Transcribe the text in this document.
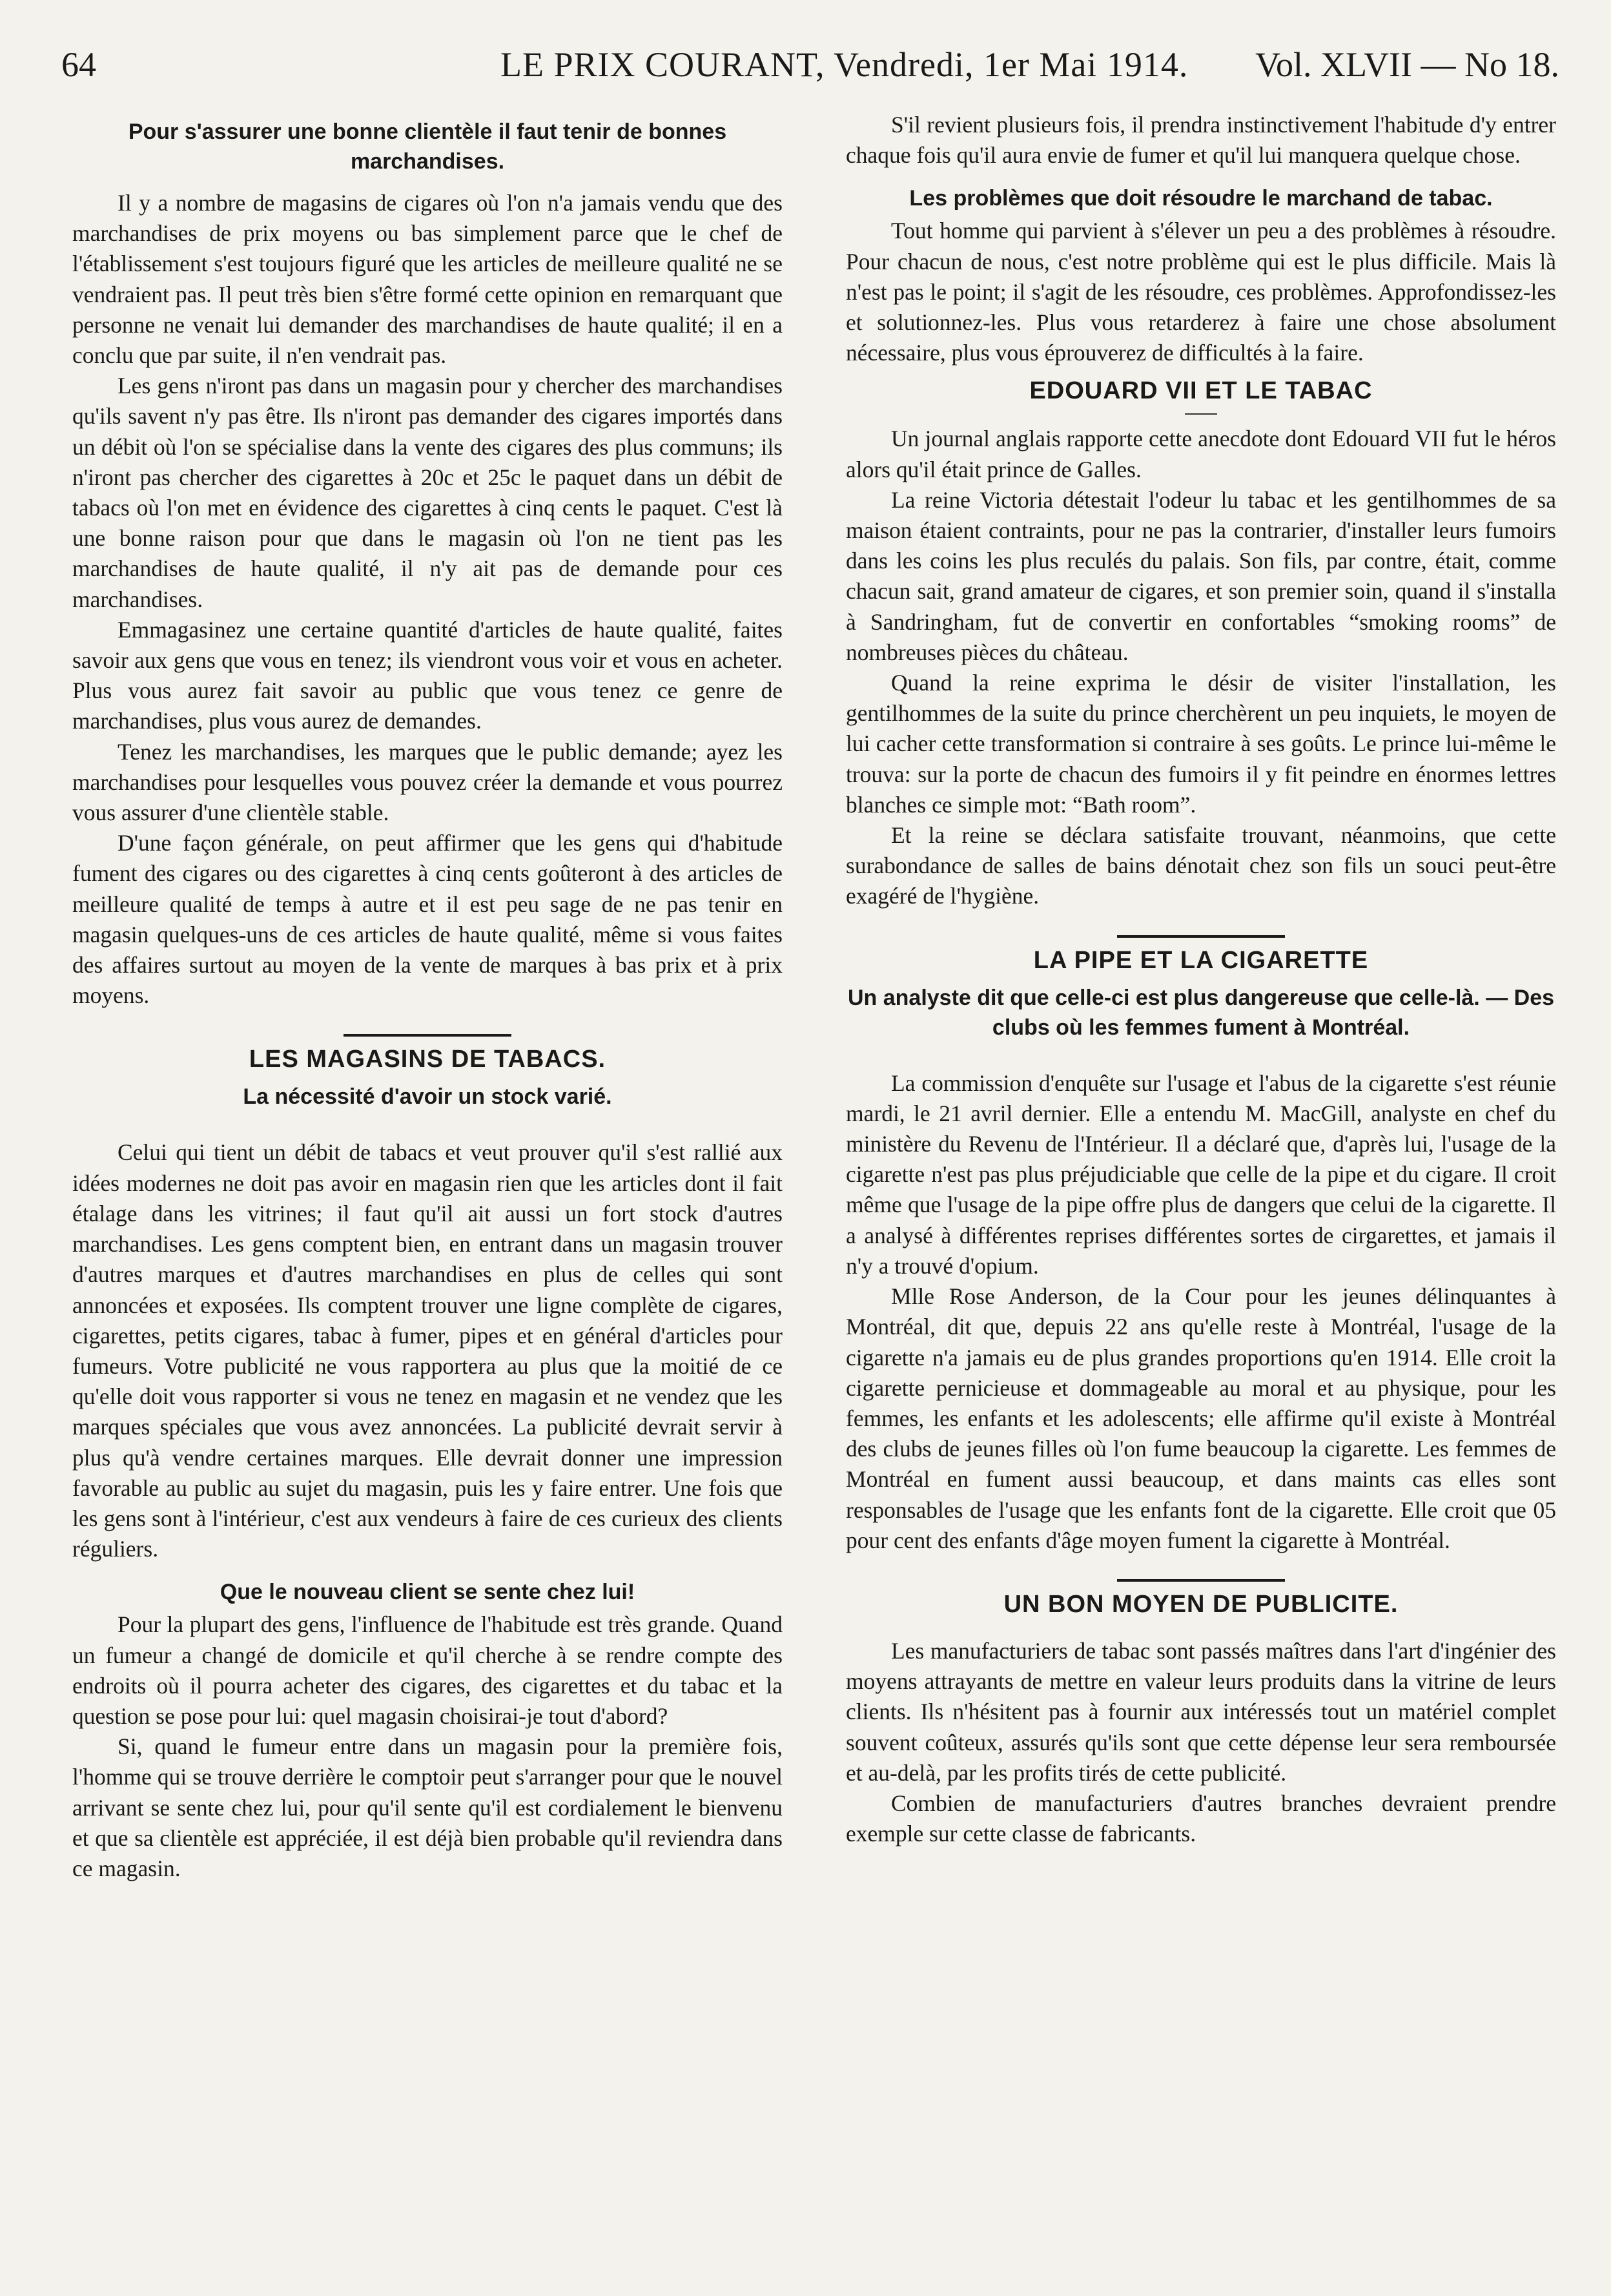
64	LE PRIX COURANT, Vendredi, 1er Mai 1914. Vol. XLVII — No 18.
Pour s'assurer une bonne clientèle il faut tenir de bonnes marchandises.

Il y a nombre de magasins de cigares où l'on n'a jamais vendu que des marchandises de prix moyens ou bas simplement parce que le chef de l'établissement s'est toujours figuré que les articles de meilleure qualité ne se vendraient pas. Il peut très bien s'être formé cette opinion en remarquant que personne ne venait lui demander des marchandises de haute qualité; il en a conclu que par suite, il n'en vendrait pas.

Les gens n'iront pas dans un magasin pour y chercher des marchandises qu'ils savent n'y pas être. Ils n'iront pas demander des cigares importés dans un débit où l'on se spécialise dans la vente des cigares des plus communs; ils n'iront pas chercher des cigarettes à 20c et 25c le paquet dans un débit de tabacs où l'on met en évidence des cigarettes à cinq cents le paquet. C'est là une bonne raison pour que dans le magasin où l'on ne tient pas les marchandises de haute qualité, il n'y ait pas de demande pour ces marchandises.

Emmagasinez une certaine quantité d'articles de haute qualité, faites savoir aux gens que vous en tenez; ils viendront vous voir et vous en acheter. Plus vous aurez fait savoir au public que vous tenez ce genre de marchandises, plus vous aurez de demandes.

Tenez les marchandises, les marques que le public demande; ayez les marchandises pour lesquelles vous pouvez créer la demande et vous pourrez vous assurer d'une clientèle stable.

D'une façon générale, on peut affirmer que les gens qui d'habitude fument des cigares ou des cigarettes à cinq cents goûteront à des articles de meilleure qualité de temps à autre et il est peu sage de ne pas tenir en magasin quelques-uns de ces articles de haute qualité, même si vous faites des affaires surtout au moyen de la vente de marques à bas prix et à prix moyens.

LES MAGASINS DE TABACS.
La nécessité d'avoir un stock varié.

Celui qui tient un débit de tabacs et veut prouver qu'il s'est rallié aux idées modernes ne doit pas avoir en magasin rien que les articles dont il fait étalage dans les vitrines; il faut qu'il ait aussi un fort stock d'autres marchandises. Les gens comptent bien, en entrant dans un magasin trouver d'autres marques et d'autres marchandises en plus de celles qui sont annoncées et exposées. Ils comptent trouver une ligne complète de cigares, cigarettes, petits cigares, tabac à fumer, pipes et en général d'articles pour fumeurs. Votre publicité ne vous rapportera au plus que la moitié de ce qu'elle doit vous rapporter si vous ne tenez en magasin et ne vendez que les marques spéciales que vous avez annoncées. La publicité devrait servir à plus qu'à vendre certaines marques. Elle devrait donner une impression favorable au public au sujet du magasin, puis les y faire entrer. Une fois que les gens sont à l'intérieur, c'est aux vendeurs à faire de ces curieux des clients réguliers.

Que le nouveau client se sente chez lui!

Pour la plupart des gens, l'influence de l'habitude est très grande. Quand un fumeur a changé de domicile et qu'il cherche à se rendre compte des endroits où il pourra acheter des cigares, des cigarettes et du tabac et la question se pose pour lui: quel magasin choisirai-je tout d'abord?

Si, quand le fumeur entre dans un magasin pour la première fois, l'homme qui se trouve derrière le comptoir peut s'arranger pour que le nouvel arrivant se sente chez lui, pour qu'il sente qu'il est cordialement le bienvenu et que sa clientèle est appréciée, il est déjà bien probable qu'il reviendra dans ce magasin.

S'il revient plusieurs fois, il prendra instinctivement l'habitude d'y entrer chaque fois qu'il aura envie de fumer et qu'il lui manquera quelque chose.

Les problèmes que doit résoudre le marchand de tabac.

Tout homme qui parvient à s'élever un peu a des problèmes à résoudre. Pour chacun de nous, c'est notre problème qui est le plus difficile. Mais là n'est pas le point; il s'agit de les résoudre, ces problèmes. Approfondissez-les et solutionnez-les. Plus vous retarderez à faire une chose absolument nécessaire, plus vous éprouverez de difficultés à la faire.

EDOUARD VII ET LE TABAC

Un journal anglais rapporte cette anecdote dont Edouard VII fut le héros alors qu'il était prince de Galles.

La reine Victoria détestait l'odeur lu tabac et les gentilhommes de sa maison étaient contraints, pour ne pas la contrarier, d'installer leurs fumoirs dans les coins les plus reculés du palais. Son fils, par contre, était, comme chacun sait, grand amateur de cigares, et son premier soin, quand il s'installa à Sandringham, fut de convertir en confortables “smoking rooms” de nombreuses pièces du château.

Quand la reine exprima le désir de visiter l'installation, les gentilhommes de la suite du prince cherchèrent un peu inquiets, le moyen de lui cacher cette transformation si contraire à ses goûts. Le prince lui-même le trouva: sur la porte de chacun des fumoirs il y fit peindre en énormes lettres blanches ce simple mot: “Bath room”.

Et la reine se déclara satisfaite trouvant, néanmoins, que cette surabondance de salles de bains dénotait chez son fils un souci peut-être exagéré de l'hygiène.

LA PIPE ET LA CIGARETTE
Un analyste dit que celle-ci est plus dangereuse que celle-là. — Des clubs où les femmes fument à Montréal.

La commission d'enquête sur l'usage et l'abus de la cigarette s'est réunie mardi, le 21 avril dernier. Elle a entendu M. MacGill, analyste en chef du ministère du Revenu de l'Intérieur. Il a déclaré que, d'après lui, l'usage de la cigarette n'est pas plus préjudiciable que celle de la pipe et du cigare. Il croit même que l'usage de la pipe offre plus de dangers que celui de la cigarette. Il a analysé à différentes reprises différentes sortes de cirgarettes, et jamais il n'y a trouvé d'opium.

Mlle Rose Anderson, de la Cour pour les jeunes délinquantes à Montréal, dit que, depuis 22 ans qu'elle reste à Montréal, l'usage de la cigarette n'a jamais eu de plus grandes proportions qu'en 1914. Elle croit la cigarette pernicieuse et dommageable au moral et au physique, pour les femmes, les enfants et les adolescents; elle affirme qu'il existe à Montréal des clubs de jeunes filles où l'on fume beaucoup la cigarette. Les femmes de Montréal en fument aussi beaucoup, et dans maints cas elles sont responsables de l'usage que les enfants font de la cigarette. Elle croit que 05 pour cent des enfants d'âge moyen fument la cigarette à Montréal.

UN BON MOYEN DE PUBLICITE.

Les manufacturiers de tabac sont passés maîtres dans l'art d'ingénier des moyens attrayants de mettre en valeur leurs produits dans la vitrine de leurs clients. Ils n'hésitent pas à fournir aux intéressés tout un matériel complet souvent coûteux, assurés qu'ils sont que cette dépense leur sera remboursée et au-delà, par les profits tirés de cette publicité.

Combien de manufacturiers d'autres branches devraient prendre exemple sur cette classe de fabricants.
